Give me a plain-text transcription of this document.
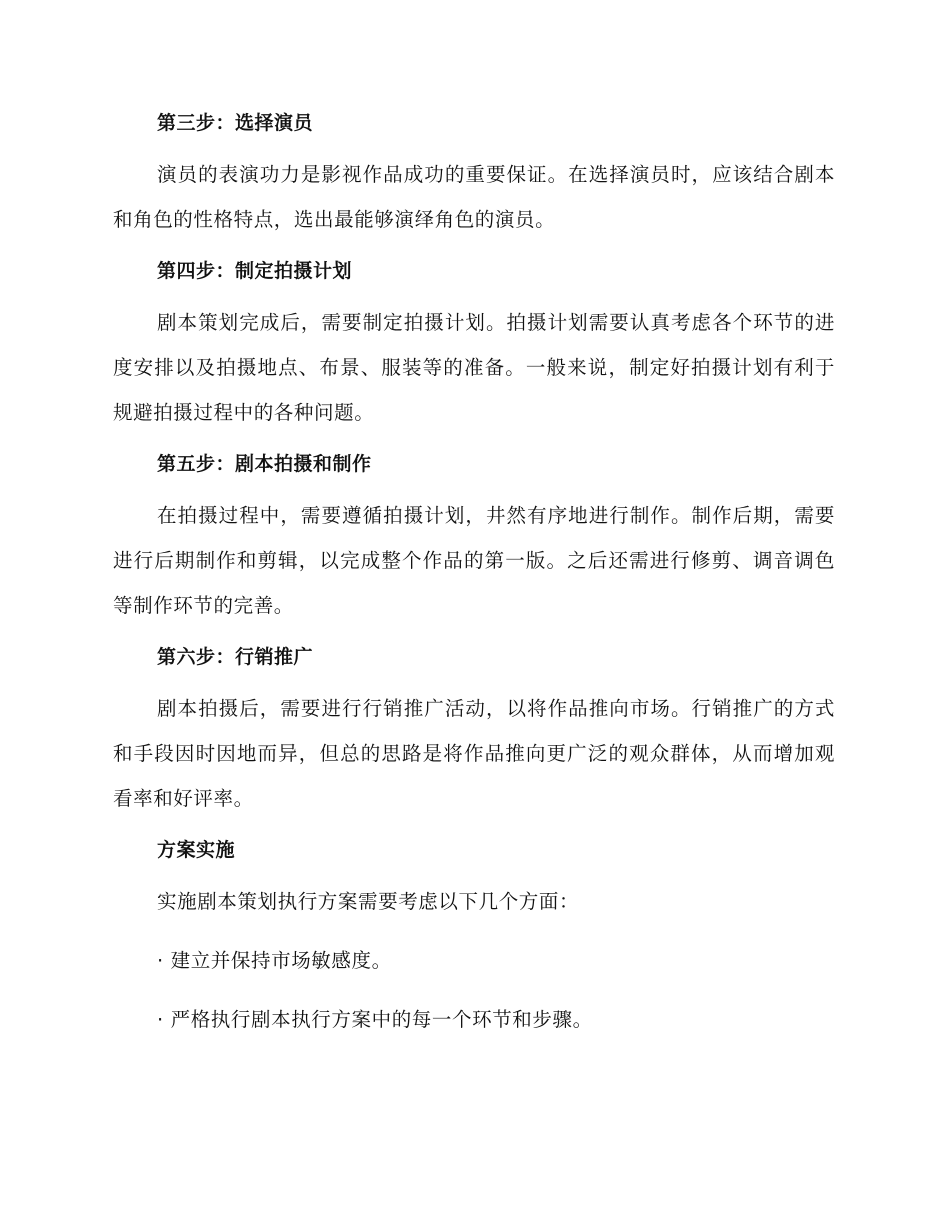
第三步：选择演员

演员的表演功力是影视作品成功的重要保证。在选择演员时，应该结合剧本和角色的性格特点，选出最能够演绎角色的演员。

第四步：制定拍摄计划

剧本策划完成后，需要制定拍摄计划。拍摄计划需要认真考虑各个环节的进度安排以及拍摄地点、布景、服装等的准备。一般来说，制定好拍摄计划有利于规避拍摄过程中的各种问题。

第五步：剧本拍摄和制作

在拍摄过程中，需要遵循拍摄计划，井然有序地进行制作。制作后期，需要进行后期制作和剪辑，以完成整个作品的第一版。之后还需进行修剪、调音调色等制作环节的完善。

第六步：行销推广

剧本拍摄后，需要进行行销推广活动，以将作品推向市场。行销推广的方式和手段因时因地而异，但总的思路是将作品推向更广泛的观众群体，从而增加观看率和好评率。

方案实施

实施剧本策划执行方案需要考虑以下几个方面：

· 建立并保持市场敏感度。

· 严格执行剧本执行方案中的每一个环节和步骤。
